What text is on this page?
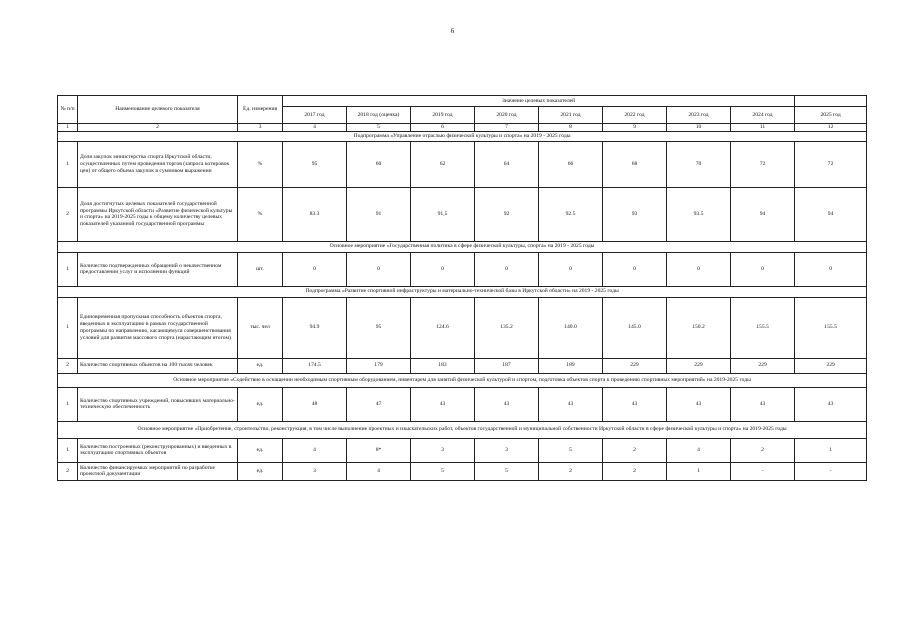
6
№ п/п	Наименование целевого показателя	Ед. измерения	Значение целевых показателей								
			2017 год	2018 год (оценка)	2019 год	2020 год	2021 год	2022 год	2023 год	2024 год	2025 год
1	2	3	4	5	6	7	8	9	10	11	12
Подпрограмма «Управление отраслью физической культуры и спорта» на 2019 - 2025 годы											
1	Доля закупок министерства спорта Иркутской области, осуществленных путем проведения торгов (запроса котировок цен) от общего объема закупок в суммовом выражении	%	95	60	62	64	66	68	70	72	72
2	Доля достигнутых целевых показателей государственной программы Иркутской области «Развитие физической культуры и спорта» на 2019-2025 годы к общему количеству целевых показателей указанной государственной программы	%	83.3	91	91,5	92	92.5	93	93.5	94	94
Основное мероприятие «Государственная политика в сфере физической культуры, спорта» на 2019 - 2025 годы											
1	Количество подтвержденных обращений о некачественном предоставлении услуг и исполнении функций	шт.	0	0	0	0	0	0	0	0	0
Подпрограмма «Развитие спортивной инфраструктуры и материально-технической базы в Иркутской области» на 2019 - 2025 годы											
1	Единовременная пропускная способность объектов спорта, введенных в эксплуатацию в рамках государственной программы по направлению, касающемуся совершенствования условий для развития массового спорта (нарастающим итогом)	тыс. чел	94.9	95	124.6	135.2	140.0	145.0	150.2	155.5	155.5
2	Количество спортивных объектов на 100 тысяч человек	ед.	174.5	179	183	187	189	229	229	229	229
Основное мероприятие «Содействие в оснащении необходимым спортивным оборудованием, инвентарем для занятий физической культурой и спортом, подготовка объектов спорта к проведению спортивных мероприятий» на 2019-2025 годы											
1	Количество спортивных учреждений, повысивших материально-техническую обеспеченность	ед.	48	47	43	43	43	43	43	43	43
Основное мероприятие «Приобретение, строительство, реконструкция, в том числе выполнение проектных и изыскательских работ, объектов государственной и муниципальной собственности Иркутской области в сфере физической культуры и спорта» на 2019-2025 годы											
1	Количество построенных (реконструированных) и введенных в эксплуатацию спортивных объектов	ед.	4	8*	3	3	5	2	4	2	1
2	Количество финансируемых мероприятий по разработке проектной документации	ед.	3	4	5	5	2	2	1	-	-
